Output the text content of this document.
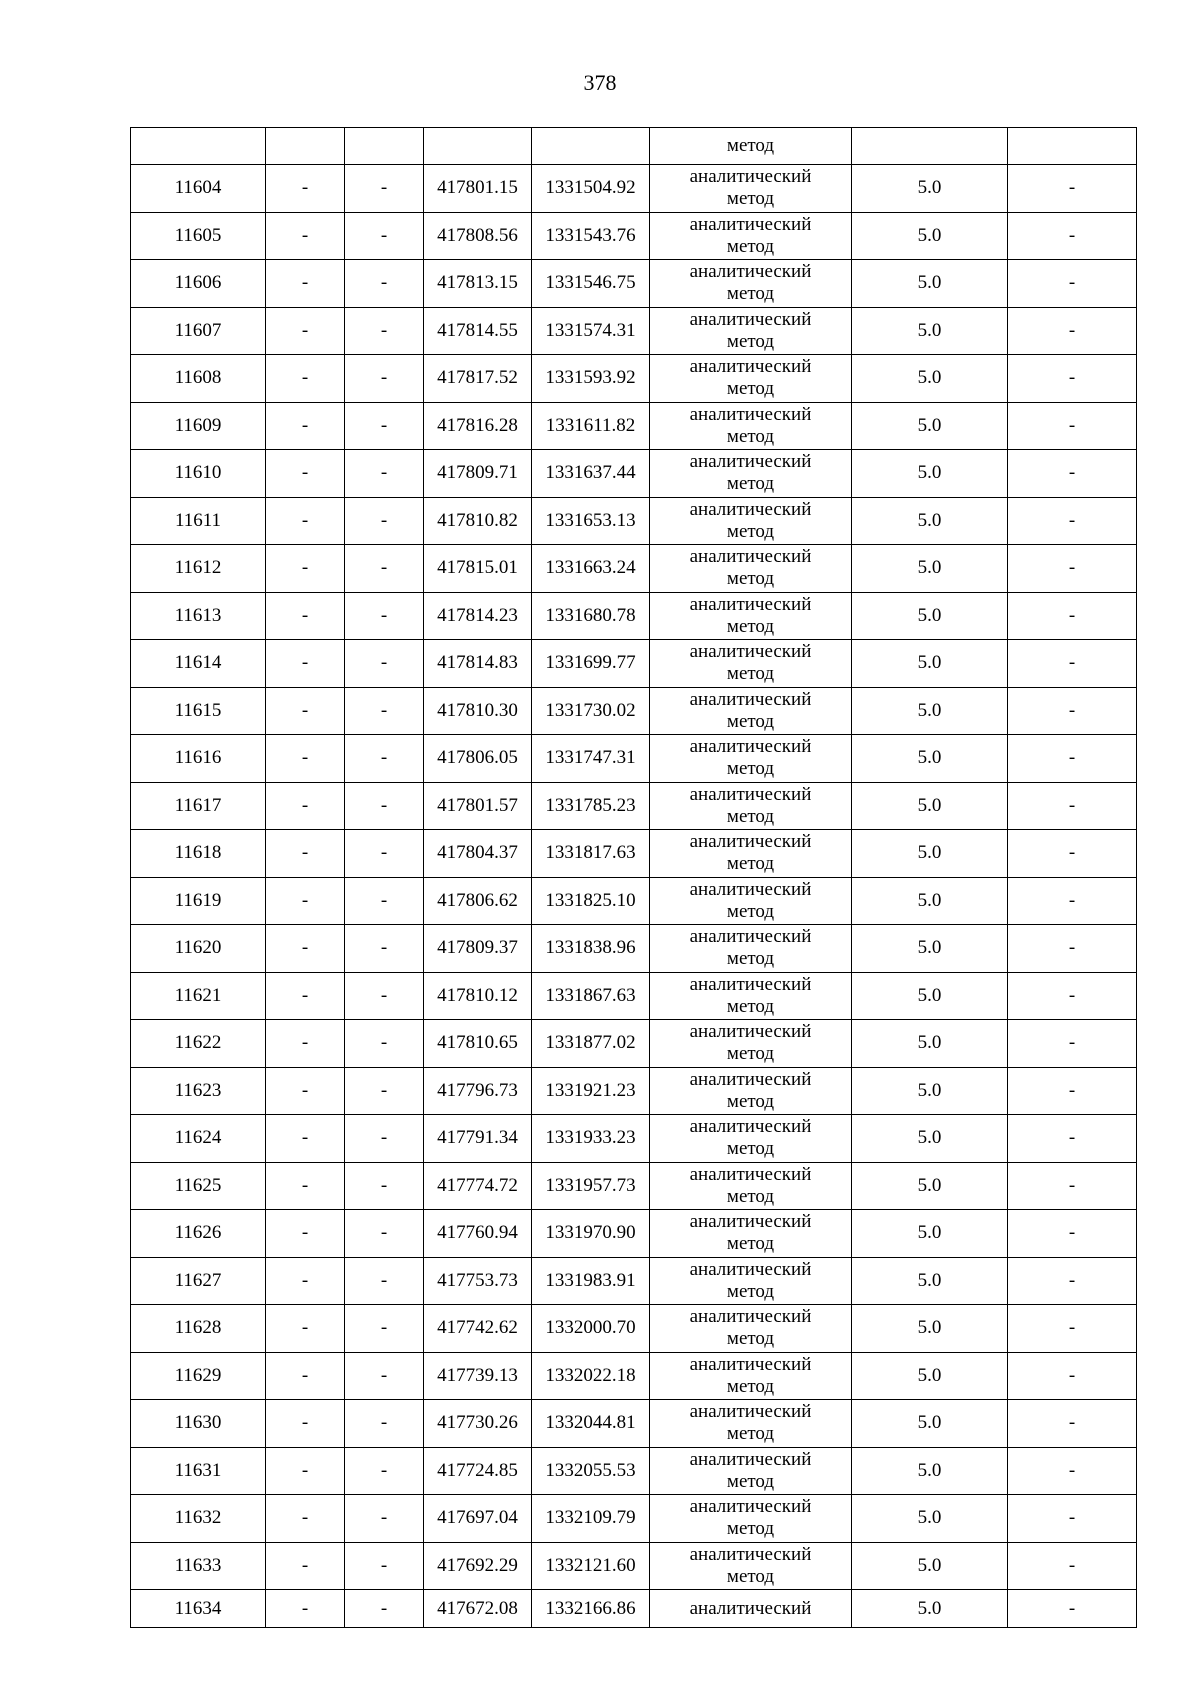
378
					метод		
11604	-	-	417801.15	1331504.92	аналитический
метод	5.0	-
11605	-	-	417808.56	1331543.76	аналитический
метод	5.0	-
11606	-	-	417813.15	1331546.75	аналитический
метод	5.0	-
11607	-	-	417814.55	1331574.31	аналитический
метод	5.0	-
11608	-	-	417817.52	1331593.92	аналитический
метод	5.0	-
11609	-	-	417816.28	1331611.82	аналитический
метод	5.0	-
11610	-	-	417809.71	1331637.44	аналитический
метод	5.0	-
11611	-	-	417810.82	1331653.13	аналитический
метод	5.0	-
11612	-	-	417815.01	1331663.24	аналитический
метод	5.0	-
11613	-	-	417814.23	1331680.78	аналитический
метод	5.0	-
11614	-	-	417814.83	1331699.77	аналитический
метод	5.0	-
11615	-	-	417810.30	1331730.02	аналитический
метод	5.0	-
11616	-	-	417806.05	1331747.31	аналитический
метод	5.0	-
11617	-	-	417801.57	1331785.23	аналитический
метод	5.0	-
11618	-	-	417804.37	1331817.63	аналитический
метод	5.0	-
11619	-	-	417806.62	1331825.10	аналитический
метод	5.0	-
11620	-	-	417809.37	1331838.96	аналитический
метод	5.0	-
11621	-	-	417810.12	1331867.63	аналитический
метод	5.0	-
11622	-	-	417810.65	1331877.02	аналитический
метод	5.0	-
11623	-	-	417796.73	1331921.23	аналитический
метод	5.0	-
11624	-	-	417791.34	1331933.23	аналитический
метод	5.0	-
11625	-	-	417774.72	1331957.73	аналитический
метод	5.0	-
11626	-	-	417760.94	1331970.90	аналитический
метод	5.0	-
11627	-	-	417753.73	1331983.91	аналитический
метод	5.0	-
11628	-	-	417742.62	1332000.70	аналитический
метод	5.0	-
11629	-	-	417739.13	1332022.18	аналитический
метод	5.0	-
11630	-	-	417730.26	1332044.81	аналитический
метод	5.0	-
11631	-	-	417724.85	1332055.53	аналитический
метод	5.0	-
11632	-	-	417697.04	1332109.79	аналитический
метод	5.0	-
11633	-	-	417692.29	1332121.60	аналитический
метод	5.0	-
11634	-	-	417672.08	1332166.86	аналитический	5.0	-
